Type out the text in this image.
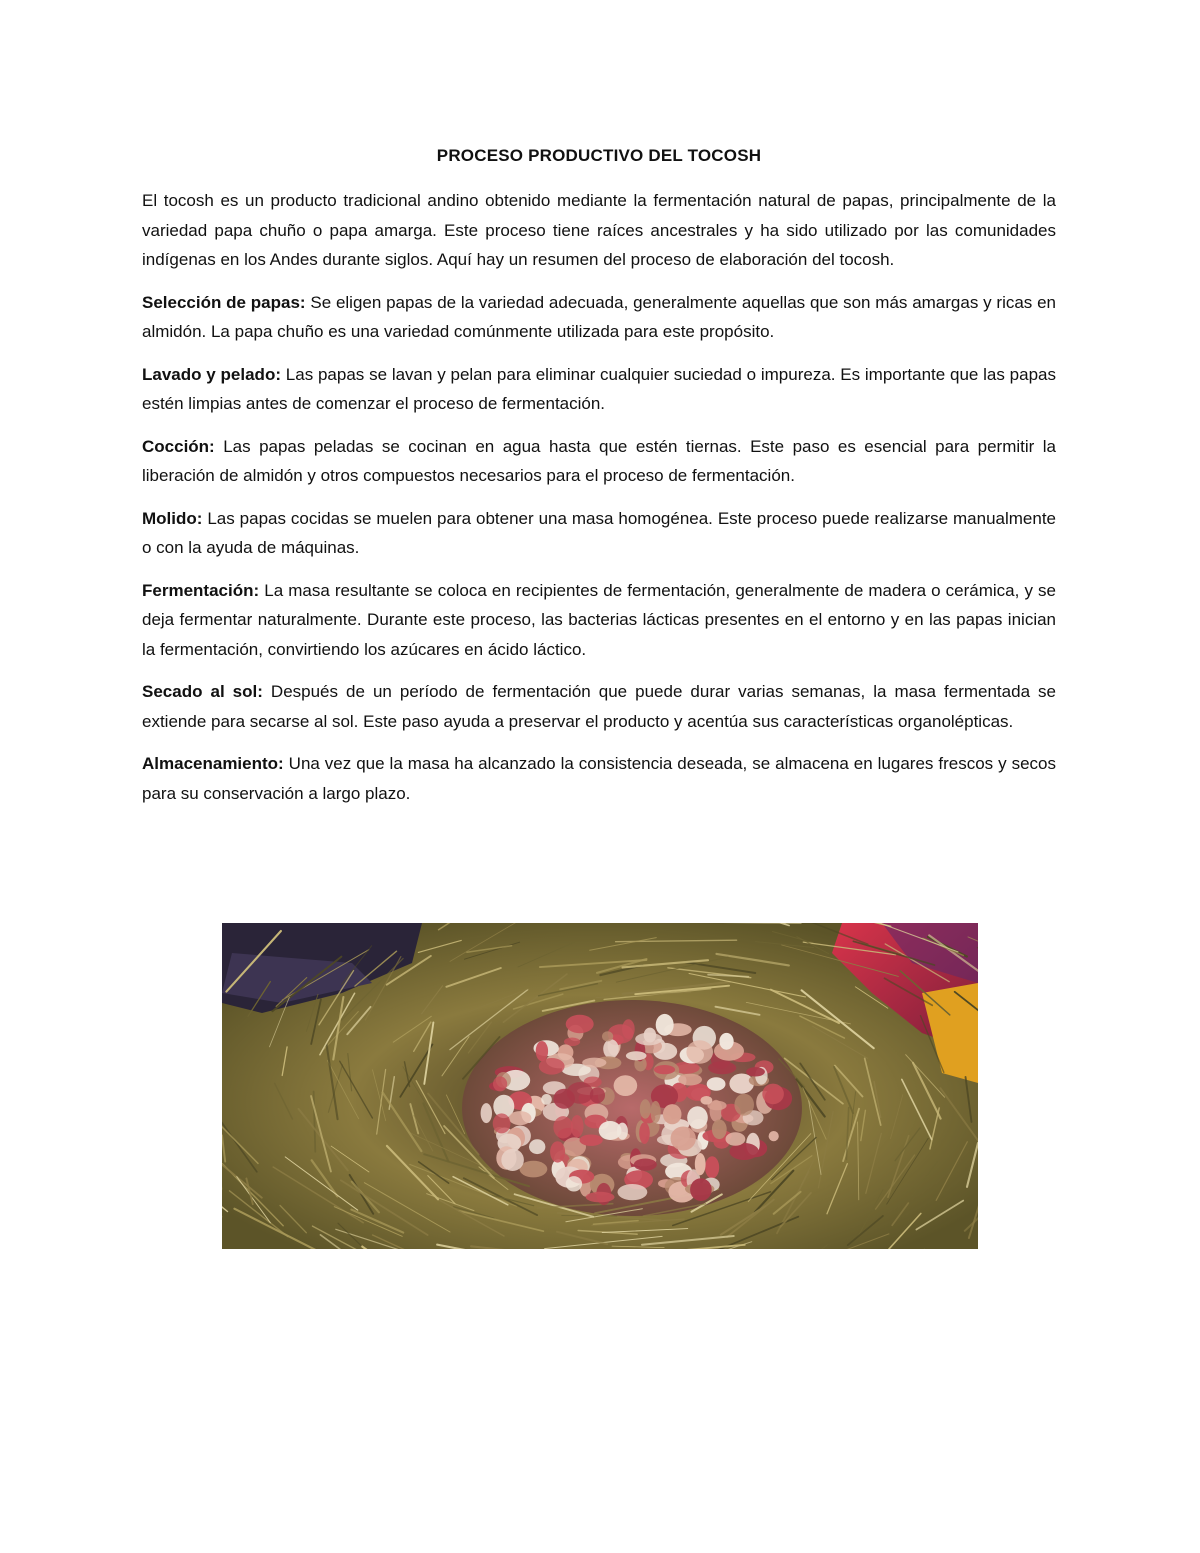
PROCESO PRODUCTIVO DEL TOCOSH

El tocosh es un producto tradicional andino obtenido mediante la fermentación natural de papas, principalmente de la variedad papa chuño o papa amarga. Este proceso tiene raíces ancestrales y ha sido utilizado por las comunidades indígenas en los Andes durante siglos. Aquí hay un resumen del proceso de elaboración del tocosh.

Selección de papas: Se eligen papas de la variedad adecuada, generalmente aquellas que son más amargas y ricas en almidón. La papa chuño es una variedad comúnmente utilizada para este propósito.

Lavado y pelado: Las papas se lavan y pelan para eliminar cualquier suciedad o impureza. Es importante que las papas estén limpias antes de comenzar el proceso de fermentación.

Cocción: Las papas peladas se cocinan en agua hasta que estén tiernas. Este paso es esencial para permitir la liberación de almidón y otros compuestos necesarios para el proceso de fermentación.

Molido: Las papas cocidas se muelen para obtener una masa homogénea. Este proceso puede realizarse manualmente o con la ayuda de máquinas.

Fermentación: La masa resultante se coloca en recipientes de fermentación, generalmente de madera o cerámica, y se deja fermentar naturalmente. Durante este proceso, las bacterias lácticas presentes en el entorno y en las papas inician la fermentación, convirtiendo los azúcares en ácido láctico.

Secado al sol: Después de un período de fermentación que puede durar varias semanas, la masa fermentada se extiende para secarse al sol. Este paso ayuda a preservar el producto y acentúa sus características organolépticas.

Almacenamiento: Una vez que la masa ha alcanzado la consistencia deseada, se almacena en lugares frescos y secos para su conservación a largo plazo.
